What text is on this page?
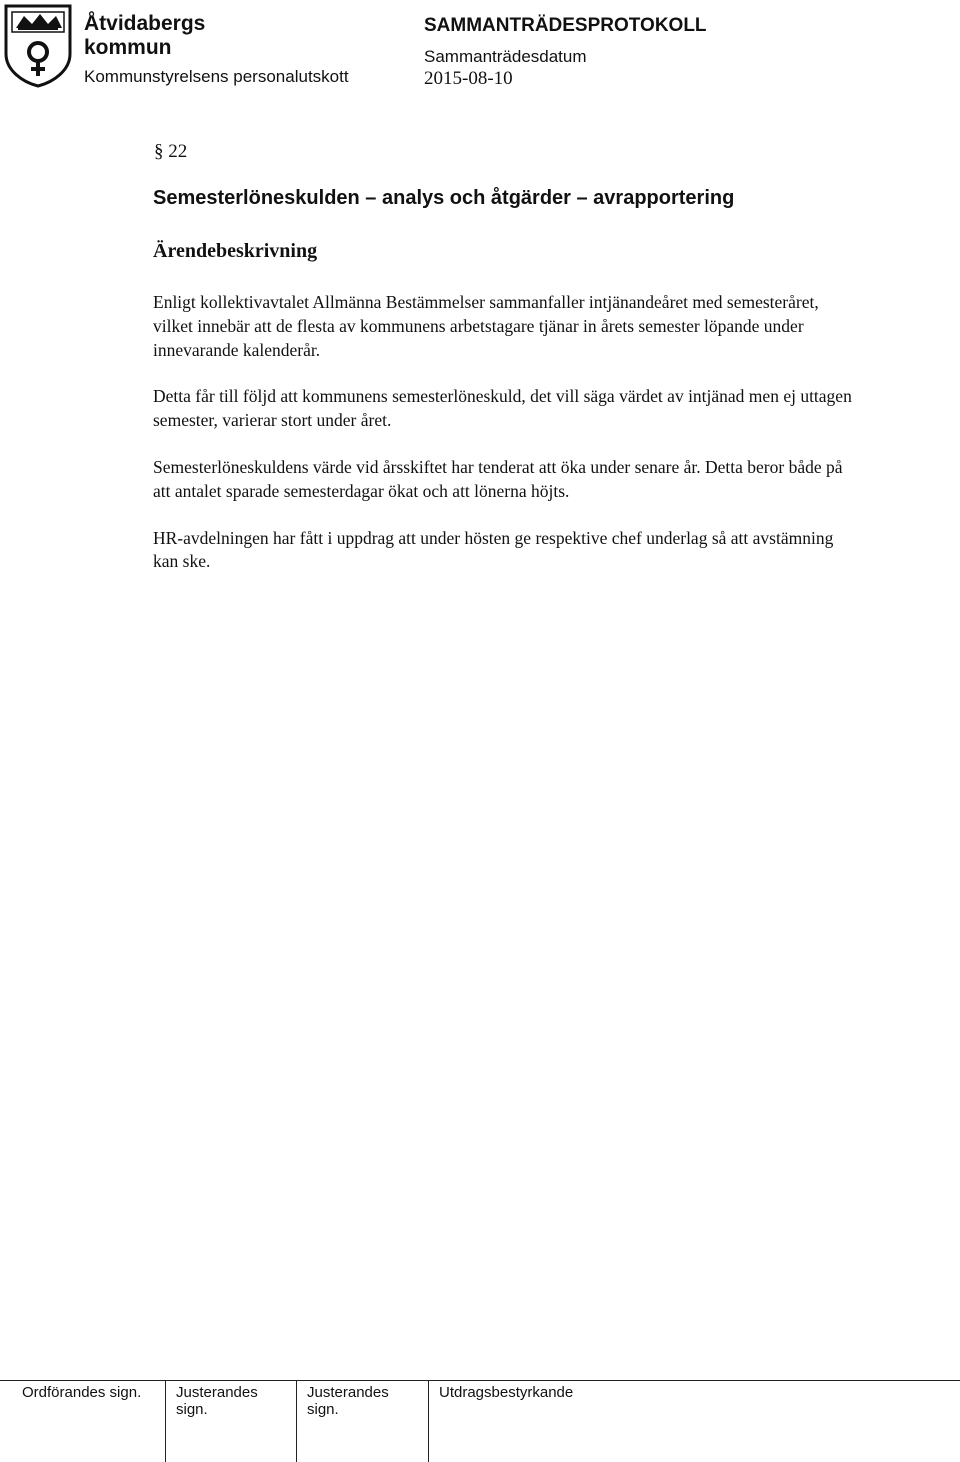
Åtvidabergs
kommun
Kommunstyrelsens personalutskott
SAMMANTRÄDESPROTOKOLL
Sammanträdesdatum
2015-08-10
§ 22
Semesterlöneskulden – analys och åtgärder – avrapportering
Ärendebeskrivning

Enligt kollektivavtalet Allmänna Bestämmelser sammanfaller intjänandeåret med semesteråret, vilket innebär att de flesta av kommunens arbetstagare tjänar in årets semester löpande under innevarande kalenderår.

Detta får till följd att kommunens semesterlöneskuld, det vill säga värdet av intjänad men ej uttagen semester, varierar stort under året.

Semesterlöneskuldens värde vid årsskiftet har tenderat att öka under senare år. Detta beror både på att antalet sparade semesterdagar ökat och att lönerna höjts.

HR-avdelningen har fått i uppdrag att under hösten ge respektive chef underlag så att avstämning kan ske.

Ordförandes sign.	Justerandes
sign.
Justerandes
sign.
Utdragsbestyrkande
